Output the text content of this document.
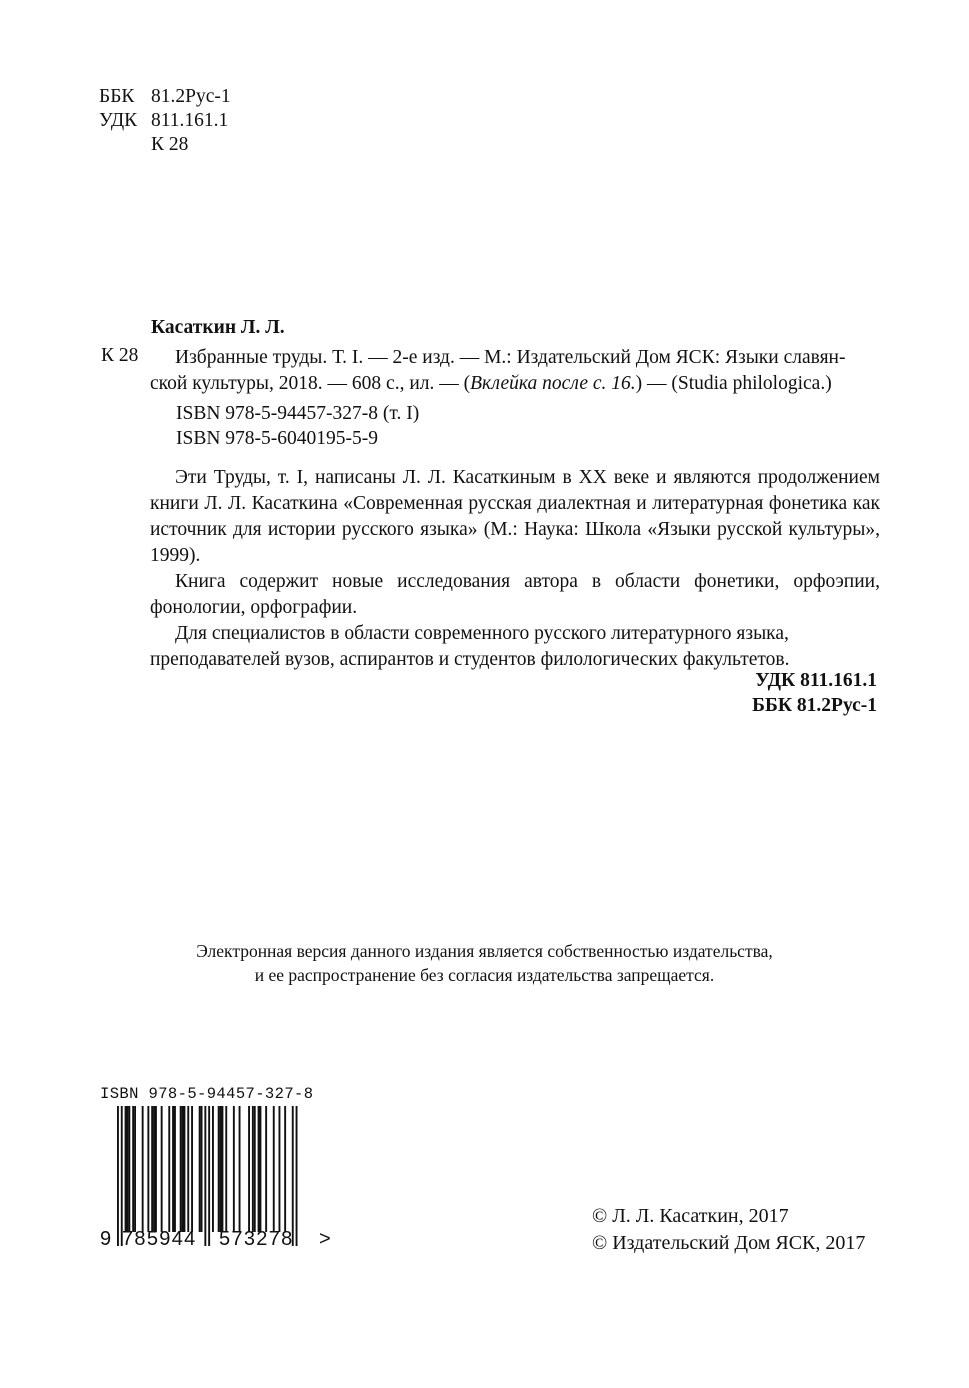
ББК 81.2Рус-1
УДК 811.161.1
К 28
Касаткин Л. Л.
К 28	Избранные труды. Т. I. — 2-е изд. — М.: Издательский Дом ЯСК: Языки славян-
ской культуры, 2018. — 608 с., ил. — (Вклейка после с. 16.) — (Studia philologica.)
ISBN 978-5-94457-327-8 (т. I)
ISBN 978-5-6040195-5-9

Эти Труды, т. I, написаны Л. Л. Касаткиным в XX веке и являются продолжением книги Л. Л. Касаткина «Современная русская диалектная и литературная фонетика как источник для истории русского языка» (М.: Наука: Школа «Языки русской культуры», 1999).

Книга содержит новые исследования автора в области фонетики, орфоэпии, фонологии, орфографии.

Для специалистов в области современного русского литературного языка, преподавателей вузов, аспирантов и студентов филологических факультетов.

УДК 811.161.1
ББК 81.2Рус-1
Электронная версия данного издания является собственностью издательства,
и ее распространение без согласия издательства запрещается.
ISBN 978-5-94457-327-8
9 785944 573278 >
© Л. Л. Касаткин, 2017
© Издательский Дом ЯСК, 2017
